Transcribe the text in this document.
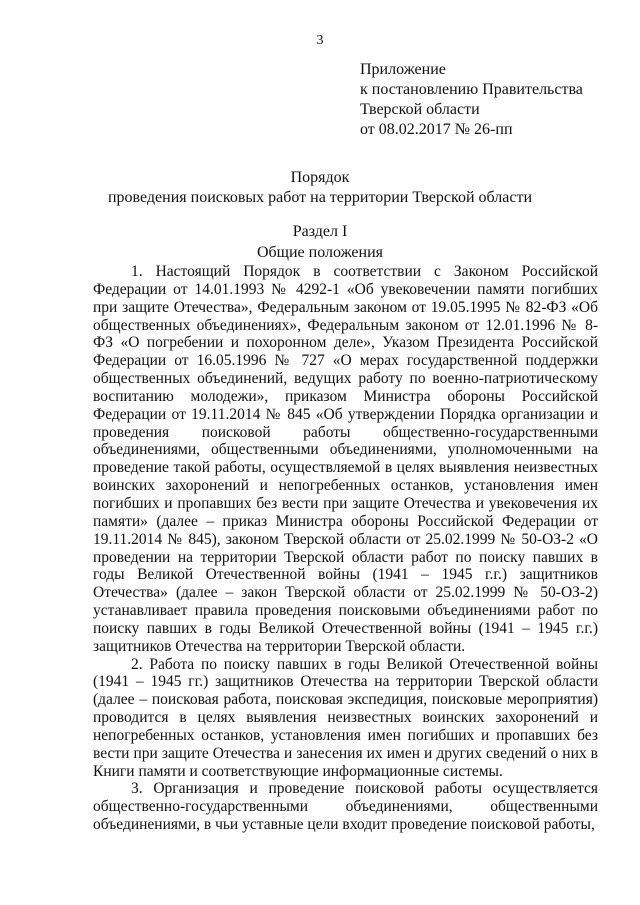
3
Приложение
к постановлению Правительства
Тверской области
от 08.02.2017 № 26-пп
Порядок
проведения поисковых работ на территории Тверской области
Раздел I
Общие положения

1. Настоящий Порядок в соответствии с Законом Российской Федерации от 14.01.1993 № 4292-1 «Об увековечении памяти погибших при защите Отечества», Федеральным законом от 19.05.1995 № 82-ФЗ «Об общественных объединениях», Федеральным законом от 12.01.1996 № 8-ФЗ «О погребении и похоронном деле», Указом Президента Российской Федерации от 16.05.1996 № 727 «О мерах государственной поддержки общественных объединений, ведущих работу по военно-патриотическому воспитанию молодежи», приказом Министра обороны Российской Федерации от 19.11.2014 № 845 «Об утверждении Порядка организации и проведения поисковой работы общественно-государственными объединениями, общественными объединениями, уполномоченными на проведение такой работы, осуществляемой в целях выявления неизвестных воинских захоронений и непогребенных останков, установления имен погибших и пропавших без вести при защите Отечества и увековечения их памяти» (далее – приказ Министра обороны Российской Федерации от 19.11.2014 № 845), законом Тверской области от 25.02.1999 № 50-ОЗ-2 «О проведении на территории Тверской области работ по поиску павших в годы Великой Отечественной войны (1941 – 1945 г.г.) защитников Отечества» (далее – закон Тверской области от 25.02.1999 № 50-ОЗ-2) устанавливает правила проведения поисковыми объединениями работ по поиску павших в годы Великой Отечественной войны (1941 – 1945 г.г.) защитников Отечества на территории Тверской области.

2. Работа по поиску павших в годы Великой Отечественной войны (1941 – 1945 гг.) защитников Отечества на территории Тверской области (далее – поисковая работа, поисковая экспедиция, поисковые мероприятия) проводится в целях выявления неизвестных воинских захоронений и непогребенных останков, установления имен погибших и пропавших без вести при защите Отечества и занесения их имен и других сведений о них в Книги памяти и соответствующие информационные системы.

3. Организация и проведение поисковой работы осуществляется общественно-государственными объединениями, общественными объединениями, в чьи уставные цели входит проведение поисковой работы,
